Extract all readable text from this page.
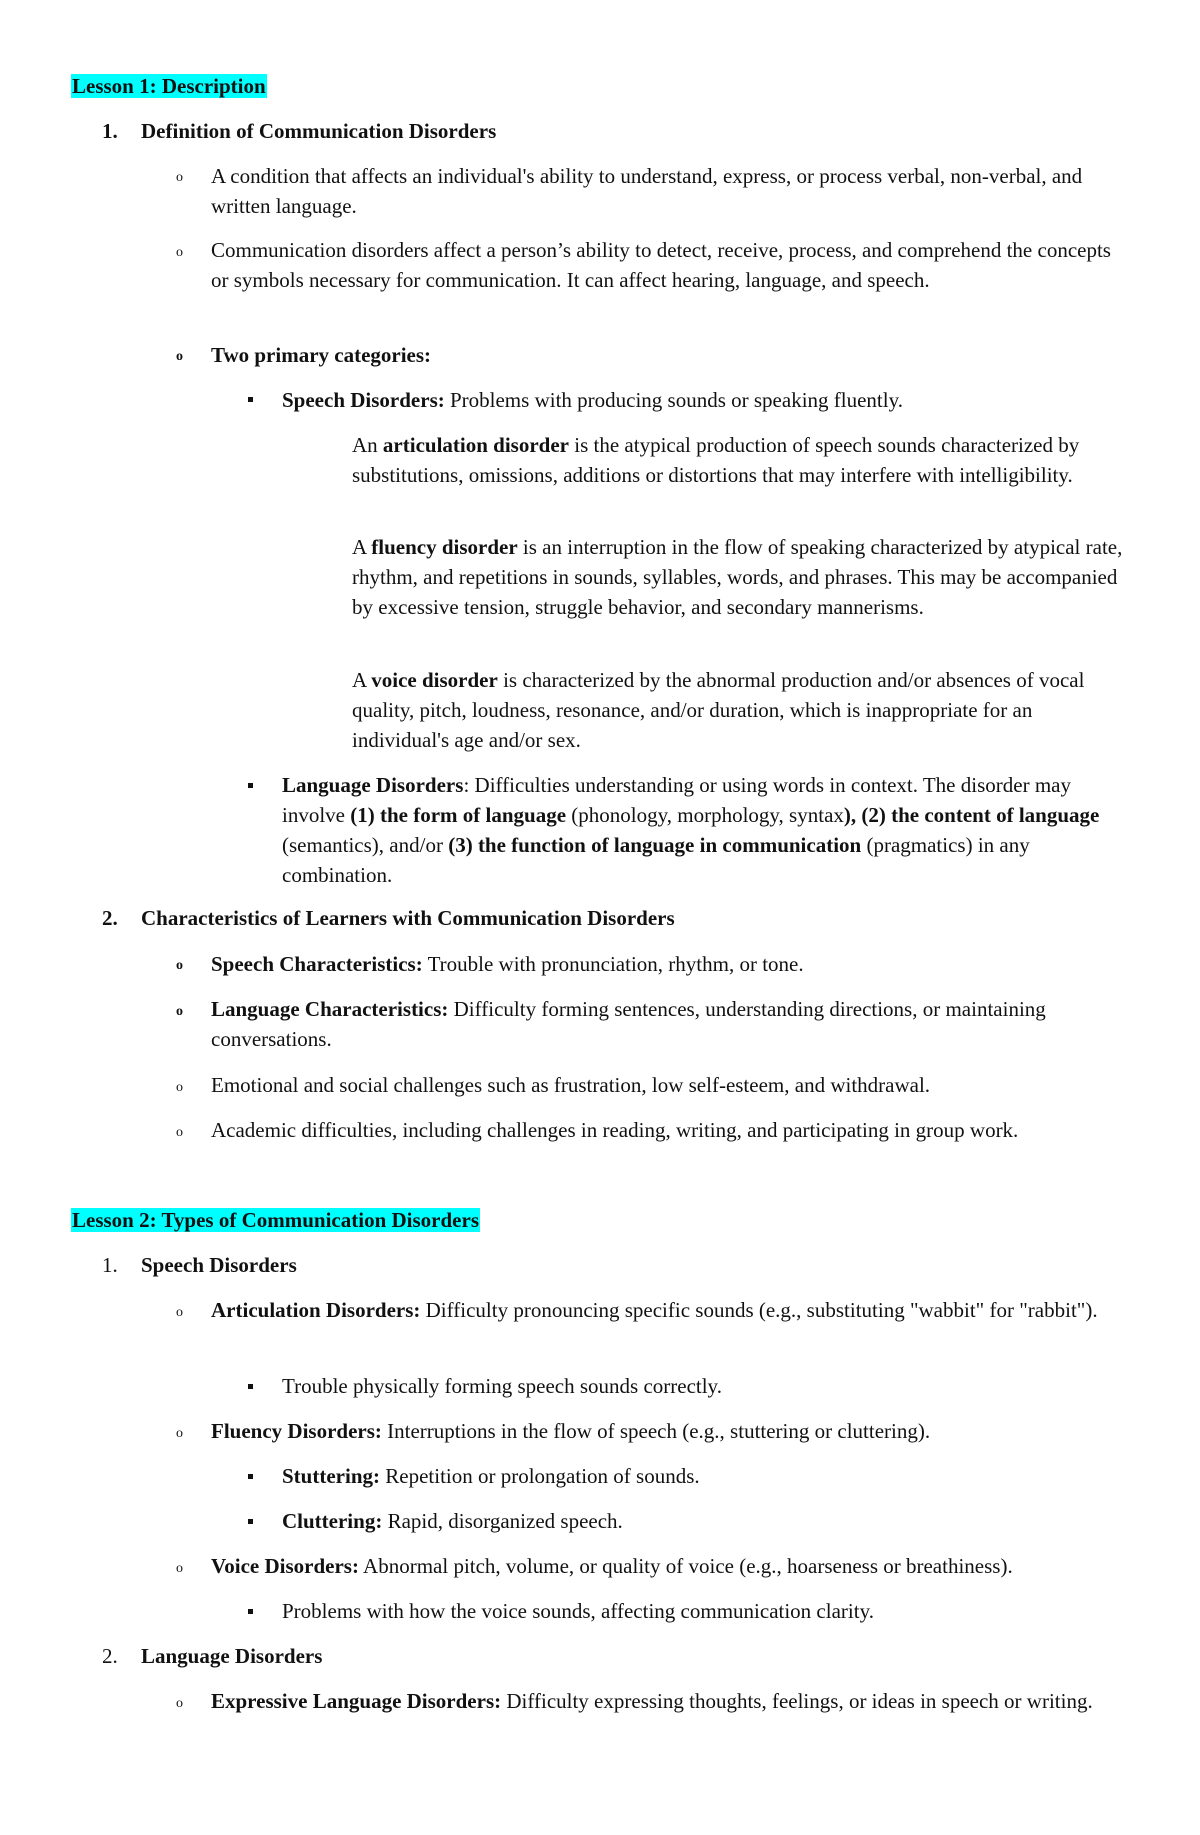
Lesson 1: Description
1. Definition of Communication Disorders
o A condition that affects an individual's ability to understand, express, or process verbal, non-verbal, and written language.

o Communication disorders affect a person’s ability to detect, receive, process, and comprehend the concepts or symbols necessary for communication. It can affect hearing, language, and speech.

o Two primary categories:
Speech Disorders: Problems with producing sounds or speaking fluently.

An articulation disorder is the atypical production of speech sounds characterized by substitutions, omissions, additions or distortions that may interfere with intelligibility.

A fluency disorder is an interruption in the flow of speaking characterized by atypical rate, rhythm, and repetitions in sounds, syllables, words, and phrases. This may be accompanied by excessive tension, struggle behavior, and secondary mannerisms.

A voice disorder is characterized by the abnormal production and/or absences of vocal quality, pitch, loudness, resonance, and/or duration, which is inappropriate for an individual's age and/or sex.

Language Disorders: Difficulties understanding or using words in context. The disorder may involve (1) the form of language (phonology, morphology, syntax), (2) the content of language (semantics), and/or (3) the function of language in communication (pragmatics) in any combination.

2. Characteristics of Learners with Communication Disorders
o Speech Characteristics: Trouble with pronunciation, rhythm, or tone.
o Language Characteristics: Difficulty forming sentences, understanding directions, or maintaining conversations.

o Emotional and social challenges such as frustration, low self-esteem, and withdrawal.
o Academic difficulties, including challenges in reading, writing, and participating in group work.
Lesson 2: Types of Communication Disorders
1. Speech Disorders
o Articulation Disorders: Difficulty pronouncing specific sounds (e.g., substituting "wabbit" for "rabbit").

Trouble physically forming speech sounds correctly.
o Fluency Disorders: Interruptions in the flow of speech (e.g., stuttering or cluttering).
Stuttering: Repetition or prolongation of sounds.
Cluttering: Rapid, disorganized speech.
o Voice Disorders: Abnormal pitch, volume, or quality of voice (e.g., hoarseness or breathiness).
Problems with how the voice sounds, affecting communication clarity.
2. Language Disorders
o Expressive Language Disorders: Difficulty expressing thoughts, feelings, or ideas in speech or writing.
